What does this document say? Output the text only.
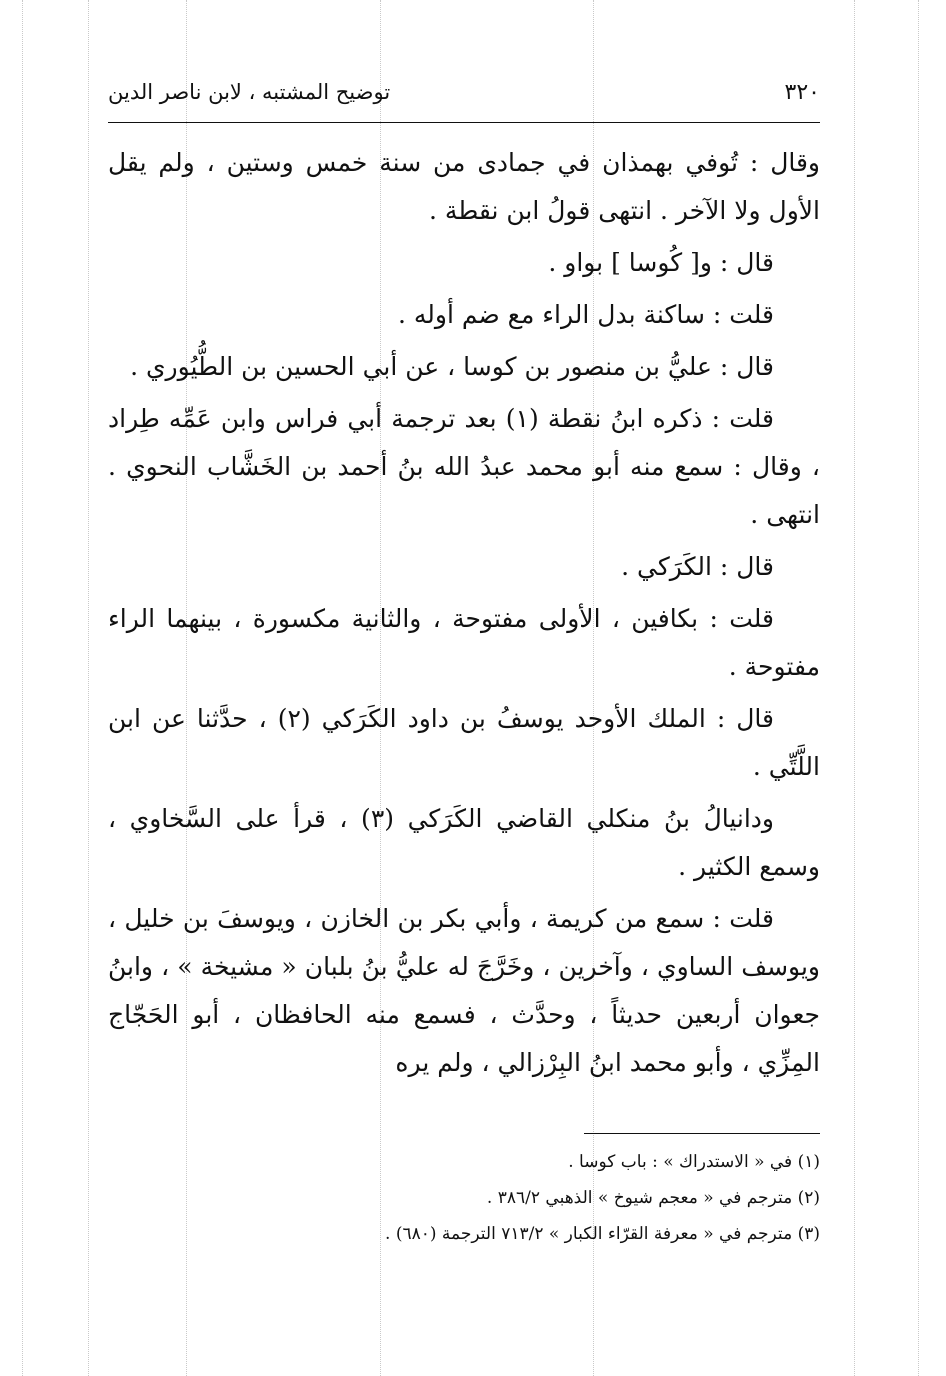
٣٢٠
توضيح المشتبه ، لابن ناصر الدين

وقال : تُوفي بهمذان في جمادى من سنة خمس وستين ، ولم يقل الأول ولا الآخر . انتهى قولُ ابن نقطة .

قال : و[ كُوسا ] بواو .

قلت : ساكنة بدل الراء مع ضم أوله .

قال : عليُّ بن منصور بن كوسا ، عن أبي الحسين بن الطُّيُوري .

قلت : ذكره ابنُ نقطة (١) بعد ترجمة أبي فراس وابن عَمِّه طِراد ، وقال : سمع منه أبو محمد عبدُ الله بنُ أحمد بن الخَشَّاب النحوي . انتهى .

قال : الكَرَكي .

قلت : بكافين ، الأولى مفتوحة ، والثانية مكسورة ، بينهما الراء مفتوحة .

قال : الملك الأوحد يوسفُ بن داود الكَرَكي (٢) ، حدَّثنا عن ابن اللَّتِّي .

ودانيالُ بنُ منكلي القاضي الكَرَكي (٣) ، قرأ على السَّخاوي ، وسمع الكثير .

قلت : سمع من كريمة ، وأبي بكر بن الخازن ، ويوسفَ بن خليل ، ويوسف الساوي ، وآخرين ، وخَرَّجَ له عليُّ بنُ بلبان « مشيخة » ، وابنُ جعوان أربعين حديثاً ، وحدَّث ، فسمع منه الحافظان ، أبو الحَجّاج المِزِّي ، وأبو محمد ابنُ البِرْزالي ، ولم يره

(١) في « الاستدراك » : باب كوسا .

(٢) مترجم في « معجم شيوخ » الذهبي ٣٨٦/٢ .

(٣) مترجم في « معرفة القرّاء الكبار » ٧١٣/٢ الترجمة (٦٨٠) .
